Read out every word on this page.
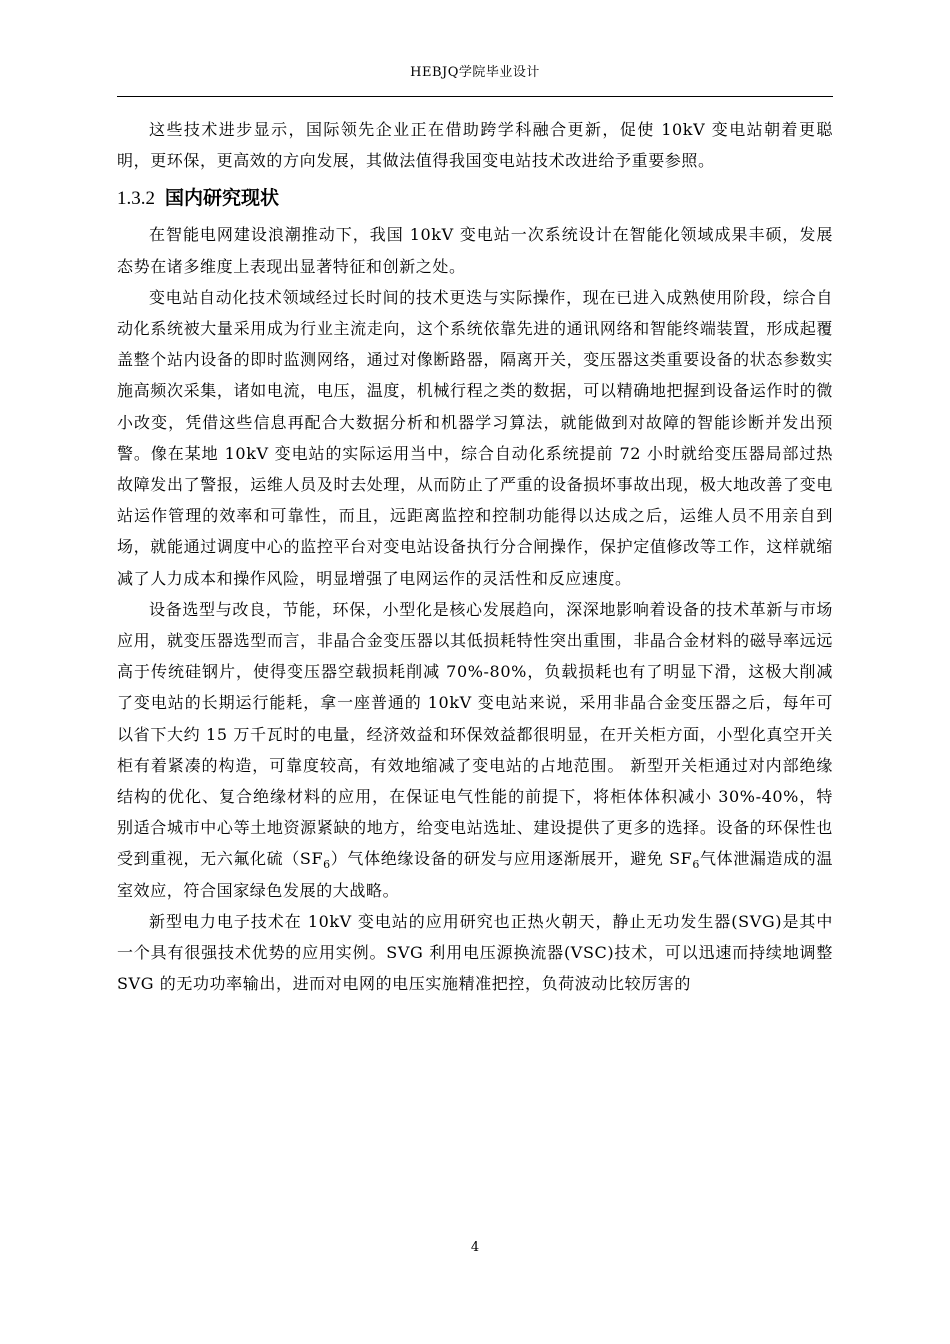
HEBJQ学院毕业设计

这些技术进步显示，国际领先企业正在借助跨学科融合更新，促使 10kV 变电站朝着更聪明，更环保，更高效的方向发展，其做法值得我国变电站技术改进给予重要参照。

1.3.2 国内研究现状

在智能电网建设浪潮推动下，我国 10kV 变电站一次系统设计在智能化领域成果丰硕，发展态势在诸多维度上表现出显著特征和创新之处。

变电站自动化技术领域经过长时间的技术更迭与实际操作，现在已进入成熟使用阶段，综合自动化系统被大量采用成为行业主流走向，这个系统依靠先进的通讯网络和智能终端装置，形成起覆盖整个站内设备的即时监测网络，通过对像断路器，隔离开关，变压器这类重要设备的状态参数实施高频次采集，诸如电流，电压，温度，机械行程之类的数据，可以精确地把握到设备运作时的微小改变，凭借这些信息再配合大数据分析和机器学习算法，就能做到对故障的智能诊断并发出预警。像在某地 10kV 变电站的实际运用当中，综合自动化系统提前 72 小时就给变压器局部过热故障发出了警报，运维人员及时去处理，从而防止了严重的设备损坏事故出现，极大地改善了变电站运作管理的效率和可靠性，而且，远距离监控和控制功能得以达成之后，运维人员不用亲自到场，就能通过调度中心的监控平台对变电站设备执行分合闸操作，保护定值修改等工作，这样就缩减了人力成本和操作风险，明显增强了电网运作的灵活性和反应速度。

设备选型与改良，节能，环保，小型化是核心发展趋向，深深地影响着设备的技术革新与市场应用，就变压器选型而言，非晶合金变压器以其低损耗特性突出重围，非晶合金材料的磁导率远远高于传统硅钢片，使得变压器空载损耗削减 70%-80%，负载损耗也有了明显下滑，这极大削减了变电站的长期运行能耗，拿一座普通的 10kV 变电站来说，采用非晶合金变压器之后，每年可以省下大约 15 万千瓦时的电量，经济效益和环保效益都很明显，在开关柜方面，小型化真空开关柜有着紧凑的构造，可靠度较高，有效地缩减了变电站的占地范围。 新型开关柜通过对内部绝缘结构的优化、复合绝缘材料的应用，在保证电气性能的前提下，将柜体体积减小 30%-40%，特别适合城市中心等土地资源紧缺的地方，给变电站选址、建设提供了更多的选择。设备的环保性也受到重视，无六氟化硫$(SF_6)$气体绝缘设备的研发与应用逐渐展开，避免 $SF_6$气体泄漏造成的温室效应，符合国家绿色发展的大战略。

新型电力电子技术在 10kV 变电站的应用研究也正热火朝天，静止无功发生器(SVG)是其中一个具有很强技术优势的应用实例。SVG 利用电压源换流器(VSC)技术，可以迅速而持续地调整 SVG 的无功功率输出，进而对电网的电压实施精准把控，负荷波动比较厉害的

4
